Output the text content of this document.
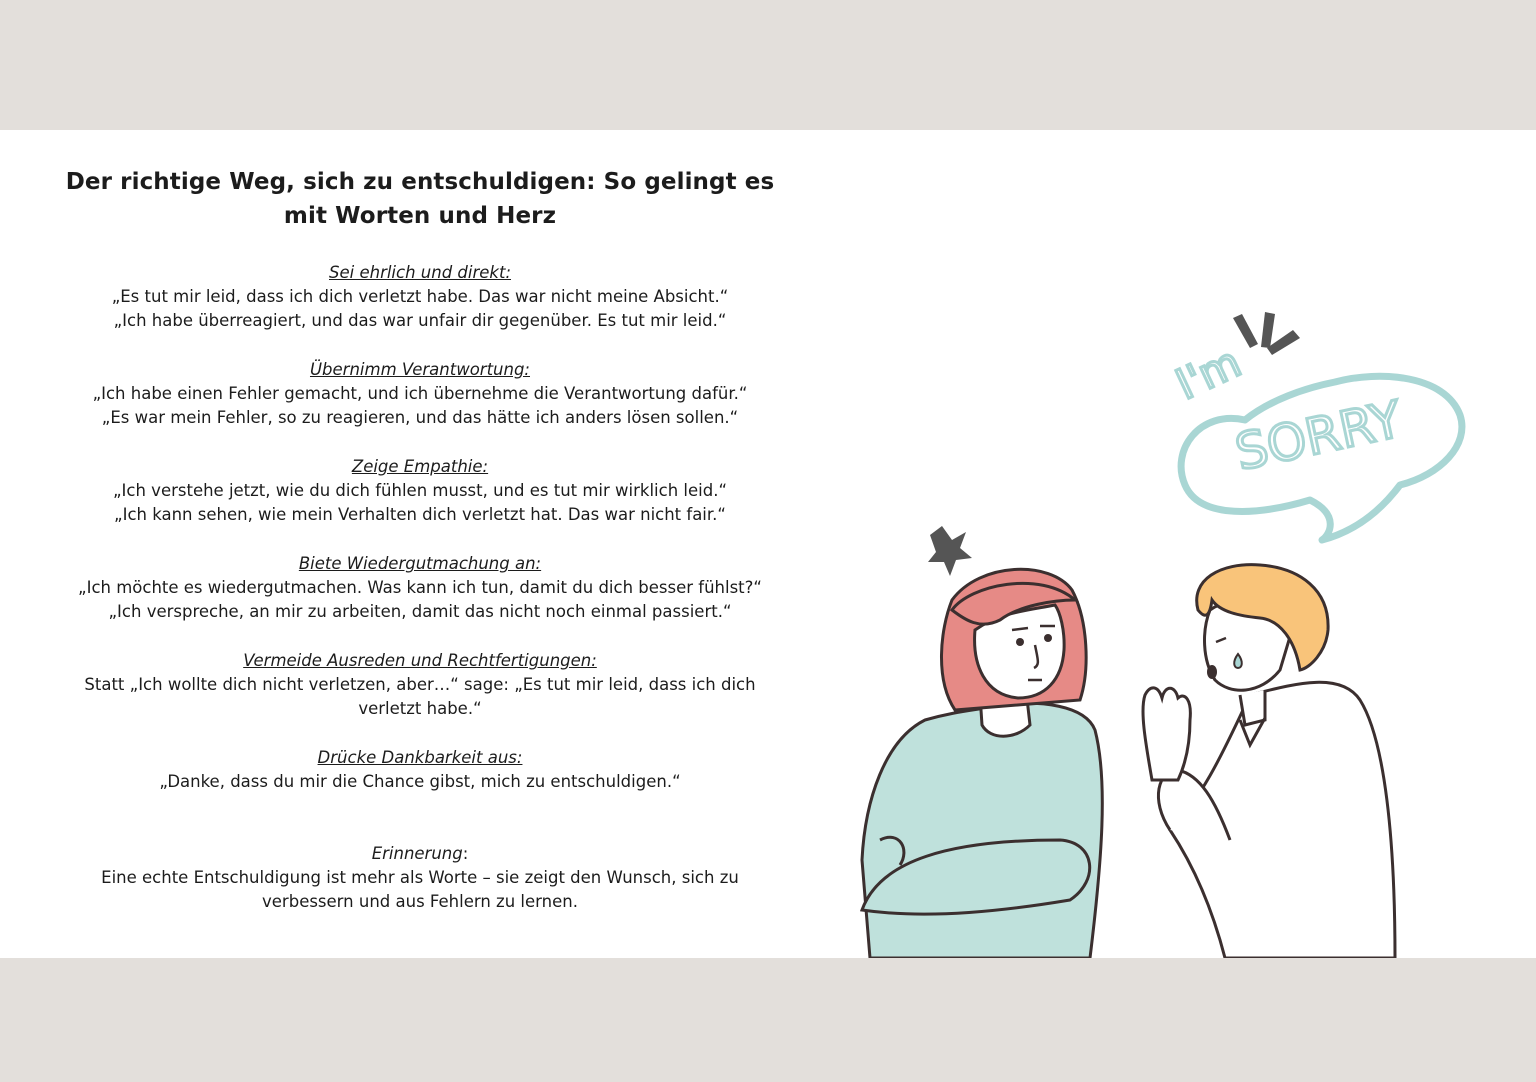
Der richtige Weg, sich zu entschuldigen: So gelingt es mit Worten und Herz
Sei ehrlich und direkt:
„Es tut mir leid, dass ich dich verletzt habe. Das war nicht meine Absicht.“
„Ich habe überreagiert, und das war unfair dir gegenüber. Es tut mir leid.“
Übernimm Verantwortung:
„Ich habe einen Fehler gemacht, und ich übernehme die Verantwortung dafür.“
„Es war mein Fehler, so zu reagieren, und das hätte ich anders lösen sollen.“
Zeige Empathie:
„Ich verstehe jetzt, wie du dich fühlen musst, und es tut mir wirklich leid.“
„Ich kann sehen, wie mein Verhalten dich verletzt hat. Das war nicht fair.“
Biete Wiedergutmachung an:
„Ich möchte es wiedergutmachen. Was kann ich tun, damit du dich besser fühlst?“
„Ich verspreche, an mir zu arbeiten, damit das nicht noch einmal passiert.“
Vermeide Ausreden und Rechtfertigungen:
Statt „Ich wollte dich nicht verletzen, aber…“ sage: „Es tut mir leid, dass ich dich verletzt habe.“
Drücke Dankbarkeit aus:
„Danke, dass du mir die Chance gibst, mich zu entschuldigen.“
Erinnerung:
Eine echte Entschuldigung ist mehr als Worte – sie zeigt den Wunsch, sich zu verbessern und aus Fehlern zu lernen.
I'm
SORRY
